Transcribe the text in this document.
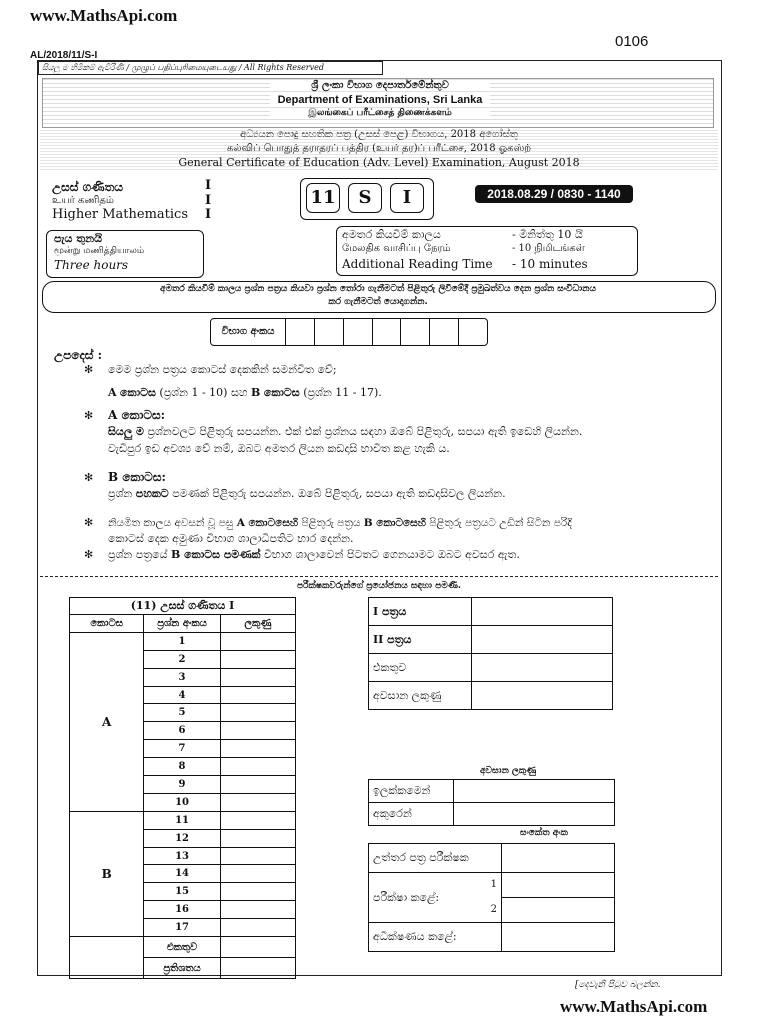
www.MathsApi.com
0106
AL/2018/11/S-I
සියලු ම හිමිකම් ඇවිරිණි / முழுப் பதிப்புரிமையுடையது / All Rights Reserved
ශ්‍රී ලංකා විභාග දෙපාර්තමේන්තුව
Department of Examinations, Sri Lanka
இலங்கைப் பரீட்சைத் திணைக்களம்
අධ්‍යයන පොදු සහතික පත්‍ර (උසස් පෙළ) විභාගය, 2018 අගෝස්තු
கல்விப் பொதுத் தராதரப் பத்திர (உயர் தர)ப் பரீட்சை, 2018 ஓகஸ்ற்
General Certificate of Education (Adv. Level) Examination, August 2018
උසස් ගණිතය
உயர் கணிதம்
Higher Mathematics
I
I
I
11	S	I	2018.08.29 / 0830 - 1140
පැය තුනයි
மூன்று மணித்தியாலம்
Three hours
අමතර කියවීම් කාලය	- මිනිත්තු 10 යි
மேலதிக வாசிப்பு நேரம்	- 10 நிமிடங்கள்
Additional Reading Time - 10 minutes
අමතර කියවීම් කාලය ප්‍රශ්න පත්‍රය කියවා ප්‍රශ්න තෝරා ගැනීමටත් පිළිතුරු ලිවීමේදී ප්‍රමුඛත්වය දෙන ප්‍රශ්න සංවිධානය
කර ගැනීමටත් යොදාගන්න.
විභාග අංකය
උපදෙස් :
✻ මෙම ප්‍රශ්න පත්‍රය කොටස් දෙකකින් සමන්විත වේ;
A කොටස (ප්‍රශ්න 1 - 10) සහ B කොටස (ප්‍රශ්න 11 - 17).
✻ A කොටස:
සියලු ම ප්‍රශ්නවලට පිළිතුරු සපයන්න. එක් එක් ප්‍රශ්නය සඳහා ඔබේ පිළිතුරු, සපයා ඇති ඉඩෙහි ලියන්න.
වැඩිපුර ඉඩ අවශ්‍ය වේ නම්, ඔබට අමතර ලියන කඩදාසි භාවිත කළ හැකි ය.
✻ B කොටස:
ප්‍රශ්න පහකට පමණක් පිළිතුරු සපයන්න. ඔබේ පිළිතුරු, සපයා ඇති කඩදාසිවල ලියන්න.
✻ නියමිත කාලය අවසන් වූ පසු A කොටසෙහි පිළිතුරු පත්‍රය B කොටසෙහි පිළිතුරු පත්‍රයට උඩින් සිටින පරිදි
කොටස් දෙක අමුණා විභාග ශාලාධිපතිට භාර දෙන්න.
✻ ප්‍රශ්න පත්‍රයේ B කොටස පමණක් විභාග ශාලාවෙන් පිටතට ගෙනයාමට ඔබට අවසර ඇත.
පරීක්ෂකවරුන්ගේ ප්‍රයෝජනය සඳහා පමණි.
(11) උසස් ගණිතය I		
කොටස	ප්‍රශ්න අංකය	ලකුණු
A	1	
	2	
	3	
	4	
	5	
	6	
	7	
	8	
	9	
	10	
B	11	
	12	
	13	
	14	
	15	
	16	
	17	
	එකතුව	
	ප්‍රතිශතය	
I පත්‍රය	
II පත්‍රය	
එකතුව	
අවසාන ලකුණු	
අවසාන ලකුණු
ඉලක්කමෙන්	
අකුරෙන්	
සංකේත අංක
උත්තර පත්‍ර පරීක්ෂක	
පරීක්ෂා කළේ:
1
2	

අධීක්ෂණය කළේ:	
[දෙවැනි පිටුව බලන්න.
www.MathsApi.com
